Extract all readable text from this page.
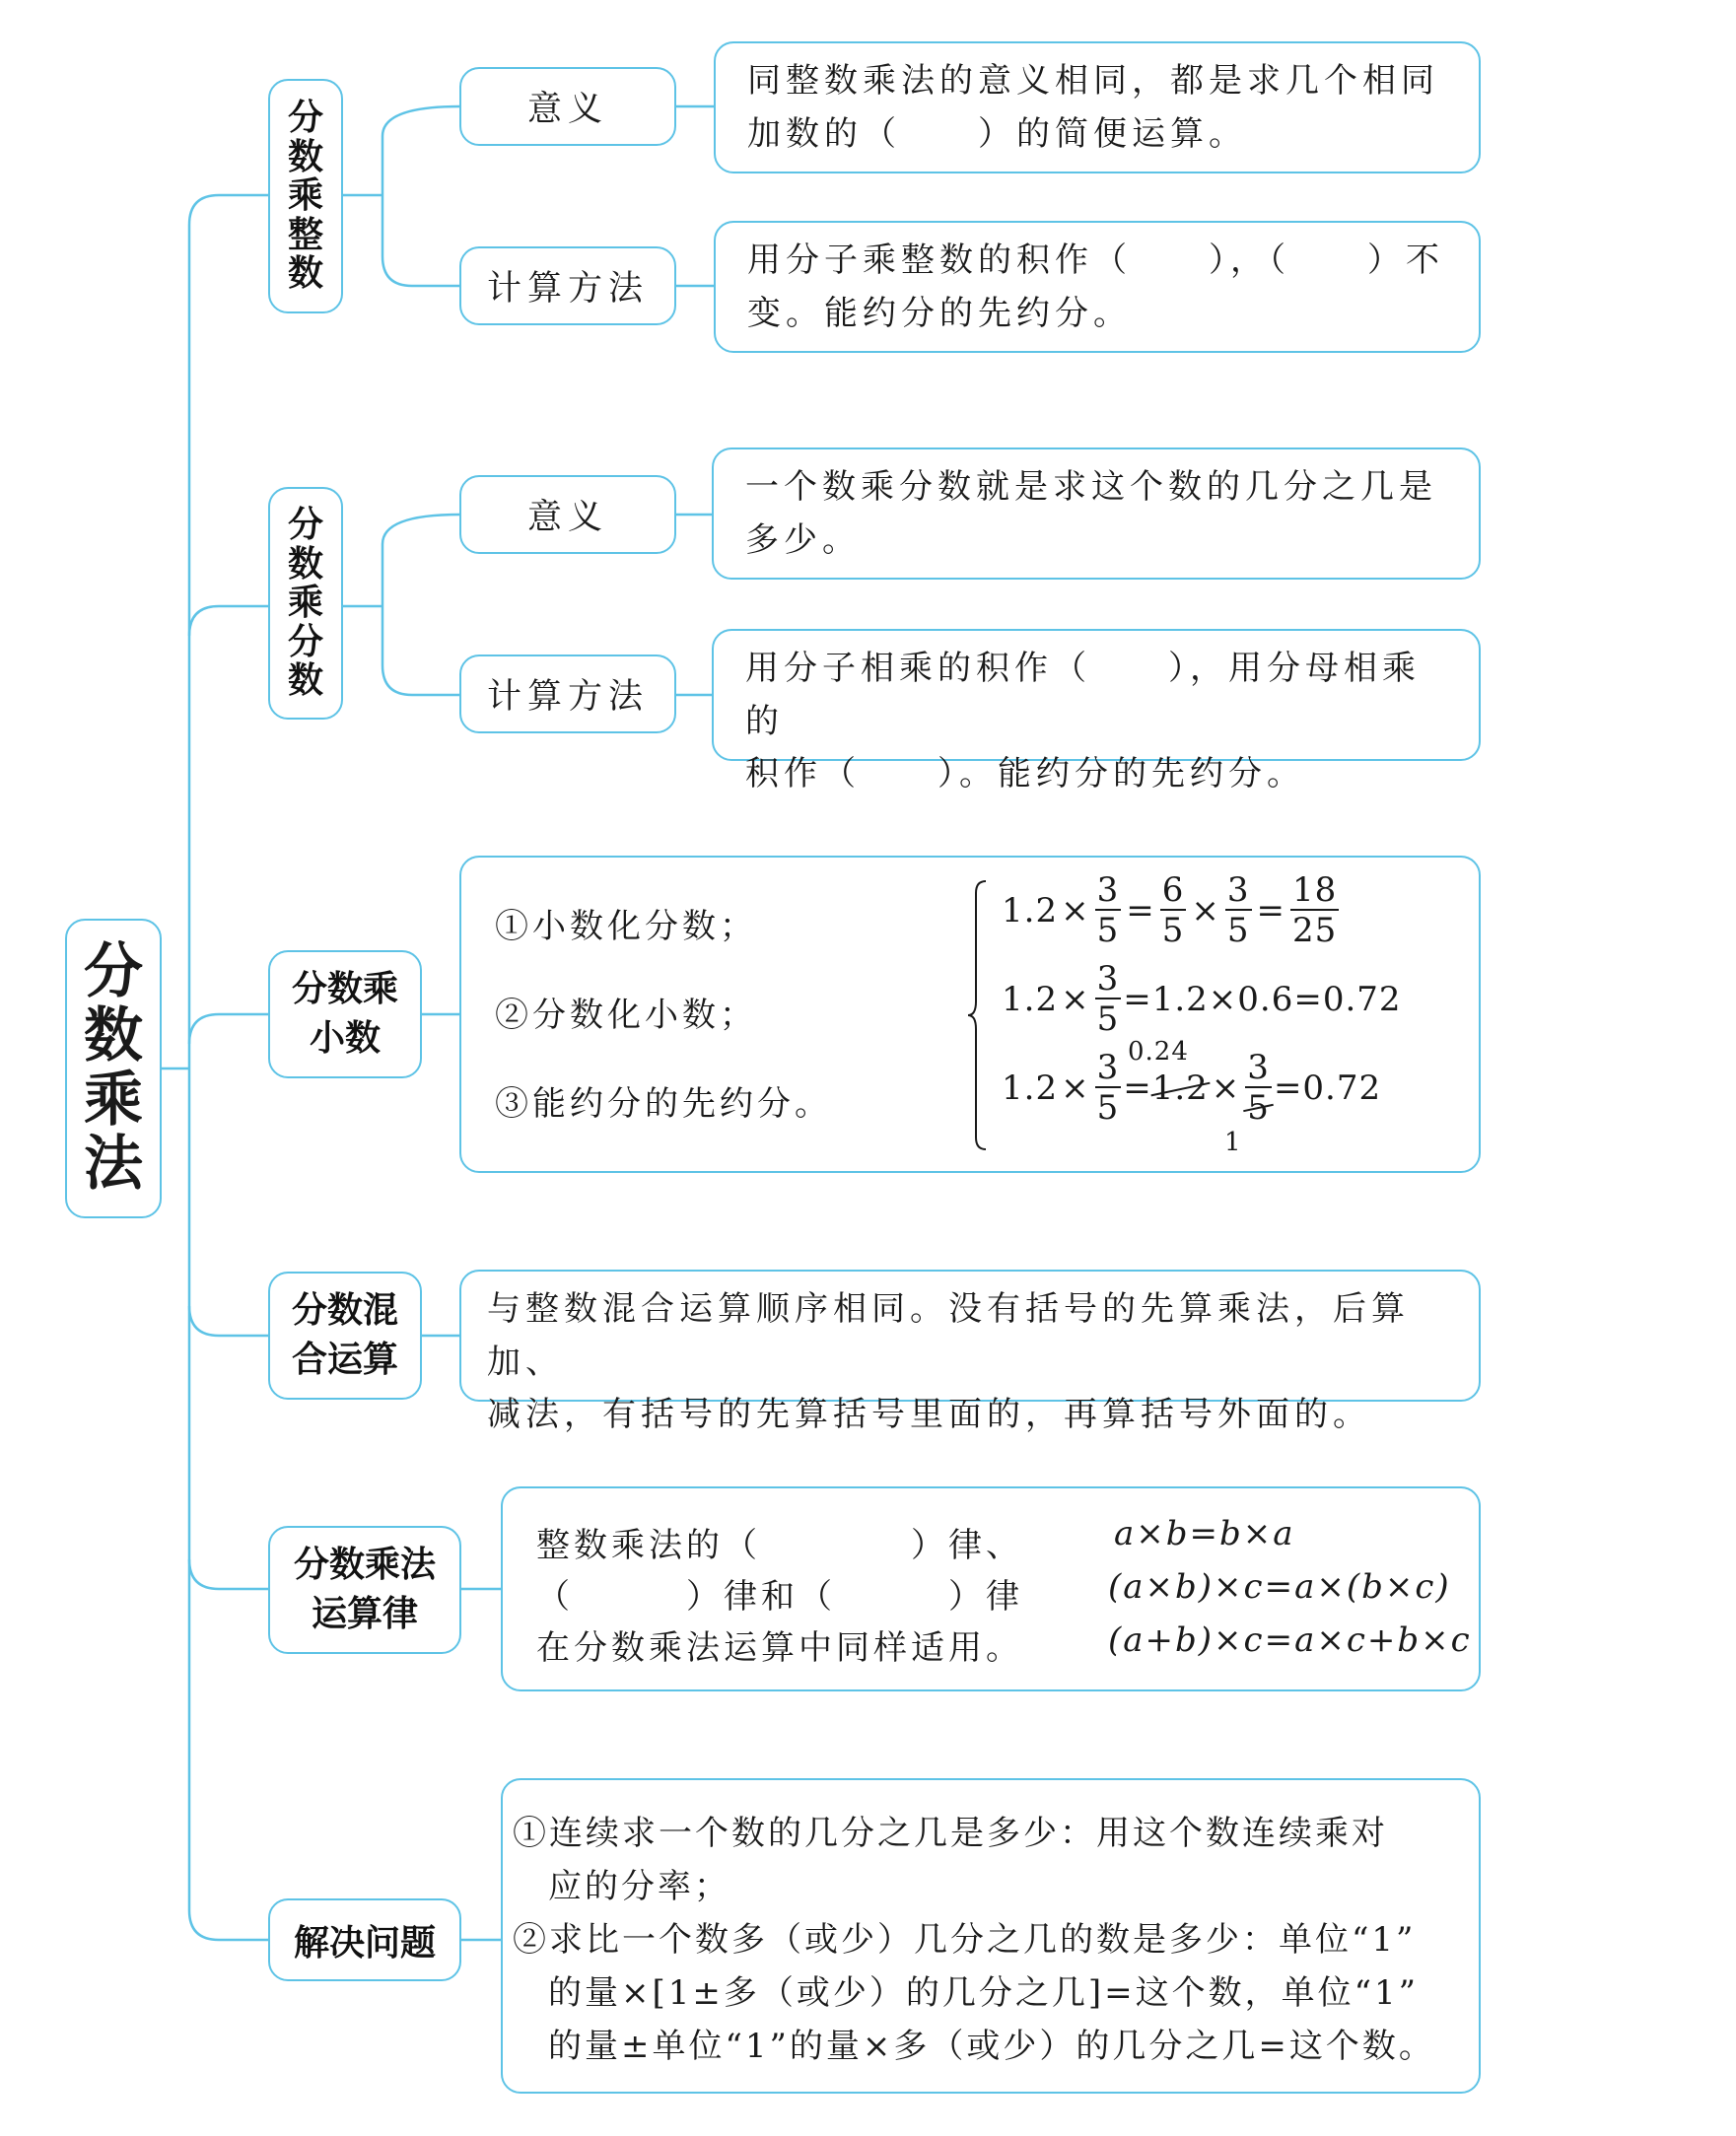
分
数
乘
法
分
数
乘
整
数
意义

同整数乘法的意义相同，都是求几个相同

加数的（　　）的简便运算。

计算方法

用分子乘整数的积作（　　），（　　）不

变。能约分的先约分。

分
数
乘
分
数
意义

一个数乘分数就是求这个数的几分之几是

多少。

计算方法

用分子相乘的积作（　　），用分母相乘的

积作（　　）。能约分的先约分。

分数乘
小数
①小数化分数；
②分数化小数；
③能约分的先约分。
$1.2 \times \frac{3}{5} = \frac{6}{5} \times \frac{3}{5} = \frac{18}{25}$
$1.2 \times \frac{3}{5} =1.2\times 0.6=0.72$
$1.2 \times \frac{3}{5} = 1.2 \times \frac{3}{5} =0.72$
0.24
1
分数混
合运算

与整数混合运算顺序相同。没有括号的先算乘法，后算加、

减法，有括号的先算括号里面的，再算括号外面的。

分数乘法
运算律
整数乘法的（　　　　）律、
（　　　）律和（　　　）律
在分数乘法运算中同样适用。
a×b=b×a
(a×b)×c=a×(b×c)
(a+b)×c=a×c+b×c
解决问题
①连续求一个数的几分之几是多少：用这个数连续乘对
应的分率；
②求比一个数多（或少）几分之几的数是多少：单位“1”
的量×[1±多（或少）的几分之几]=这个数，单位“1”
的量±单位“1”的量×多（或少）的几分之几=这个数。
